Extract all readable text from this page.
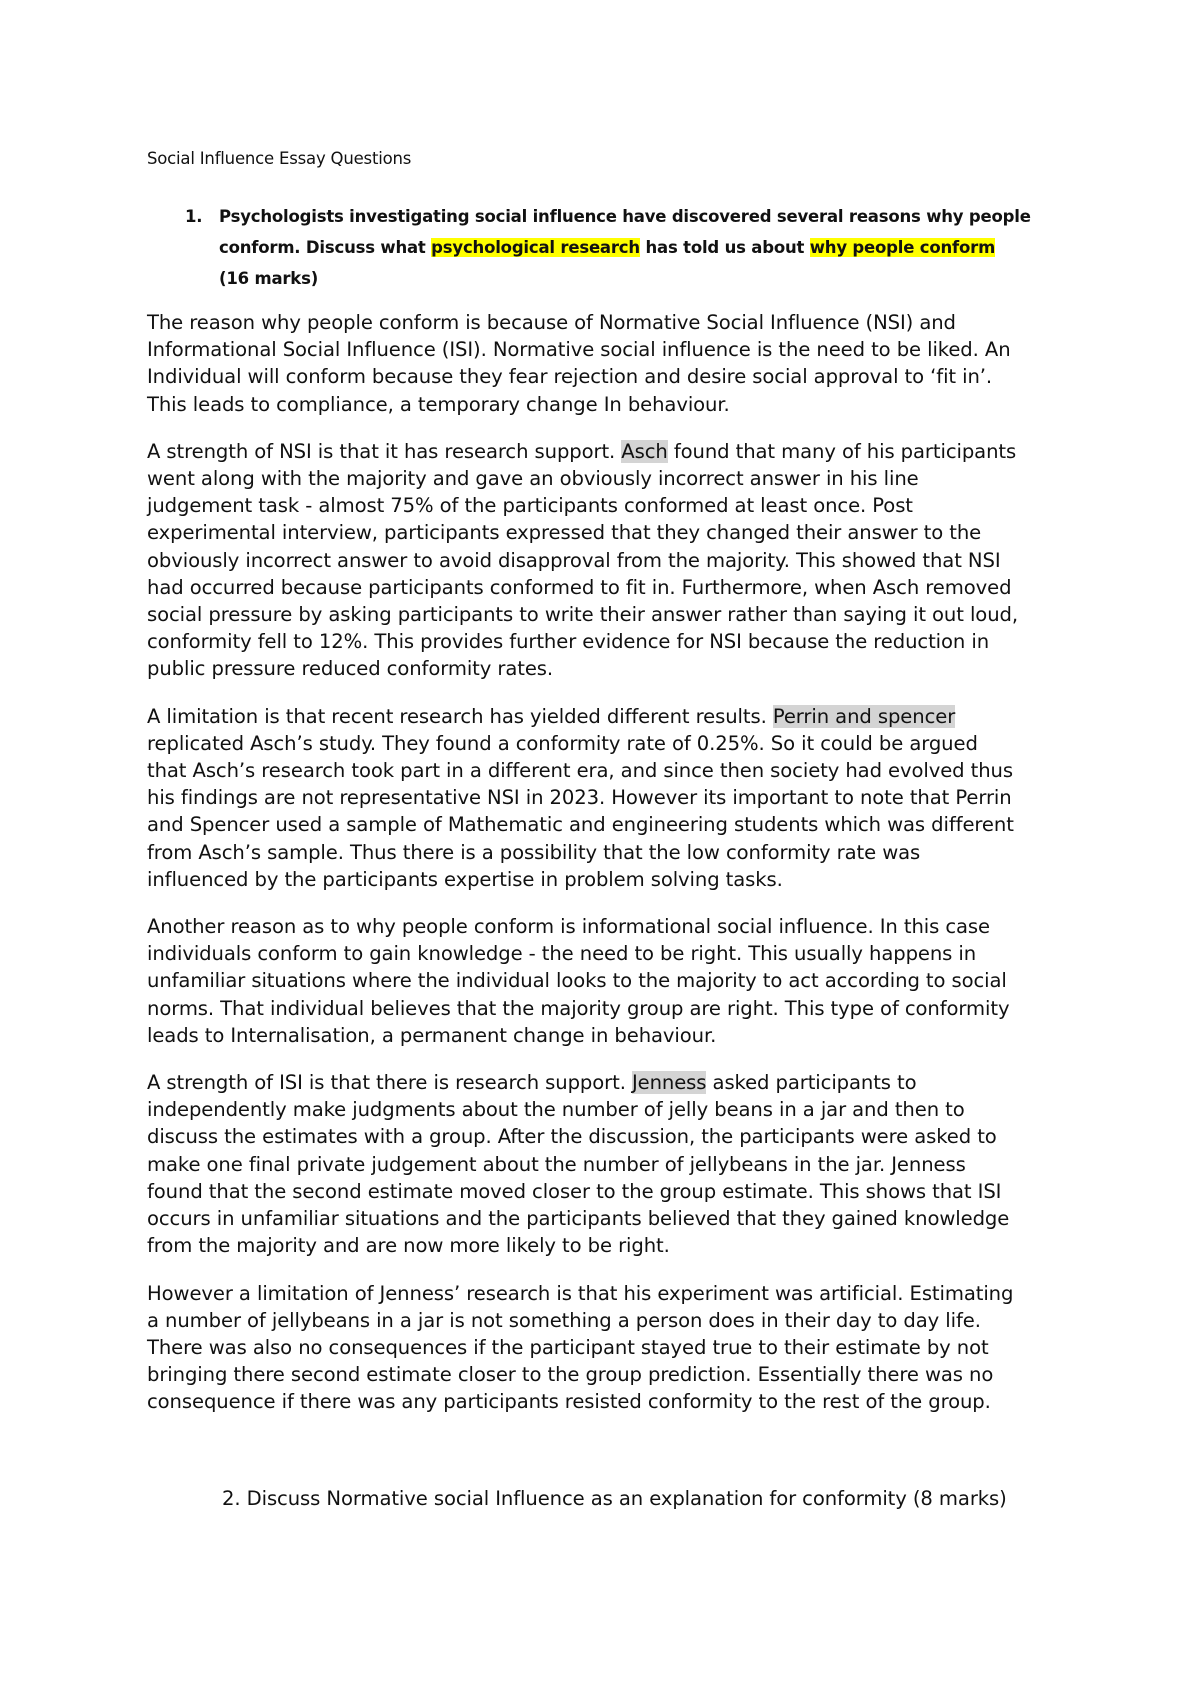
Social Influence Essay Questions
1. Psychologists investigating social influence have discovered several reasons why people
conform. Discuss what psychological research has told us about why people conform
(16 marks)

The reason why people conform is because of Normative Social Influence (NSI) and
Informational Social Influence (ISI). Normative social influence is the need to be liked. An
Individual will conform because they fear rejection and desire social approval to ‘fit in’.
This leads to compliance, a temporary change In behaviour.

A strength of NSI is that it has research support. Asch found that many of his participants
went along with the majority and gave an obviously incorrect answer in his line
judgement task - almost 75% of the participants conformed at least once. Post
experimental interview, participants expressed that they changed their answer to the
obviously incorrect answer to avoid disapproval from the majority. This showed that NSI
had occurred because participants conformed to fit in. Furthermore, when Asch removed
social pressure by asking participants to write their answer rather than saying it out loud,
conformity fell to 12%. This provides further evidence for NSI because the reduction in
public pressure reduced conformity rates.

A limitation is that recent research has yielded different results. Perrin and spencer
replicated Asch’s study. They found a conformity rate of 0.25%. So it could be argued
that Asch’s research took part in a different era, and since then society had evolved thus
his findings are not representative NSI in 2023. However its important to note that Perrin
and Spencer used a sample of Mathematic and engineering students which was different
from Asch’s sample. Thus there is a possibility that the low conformity rate was
influenced by the participants expertise in problem solving tasks.

Another reason as to why people conform is informational social influence. In this case
individuals conform to gain knowledge - the need to be right. This usually happens in
unfamiliar situations where the individual looks to the majority to act according to social
norms. That individual believes that the majority group are right. This type of conformity
leads to Internalisation, a permanent change in behaviour.

A strength of ISI is that there is research support. Jenness asked participants to
independently make judgments about the number of jelly beans in a jar and then to
discuss the estimates with a group. After the discussion, the participants were asked to
make one final private judgement about the number of jellybeans in the jar. Jenness
found that the second estimate moved closer to the group estimate. This shows that ISI
occurs in unfamiliar situations and the participants believed that they gained knowledge
from the majority and are now more likely to be right.

However a limitation of Jenness’ research is that his experiment was artificial. Estimating
a number of jellybeans in a jar is not something a person does in their day to day life.
There was also no consequences if the participant stayed true to their estimate by not
bringing there second estimate closer to the group prediction. Essentially there was no
consequence if there was any participants resisted conformity to the rest of the group.

2. Discuss Normative social Influence as an explanation for conformity (8 marks)
